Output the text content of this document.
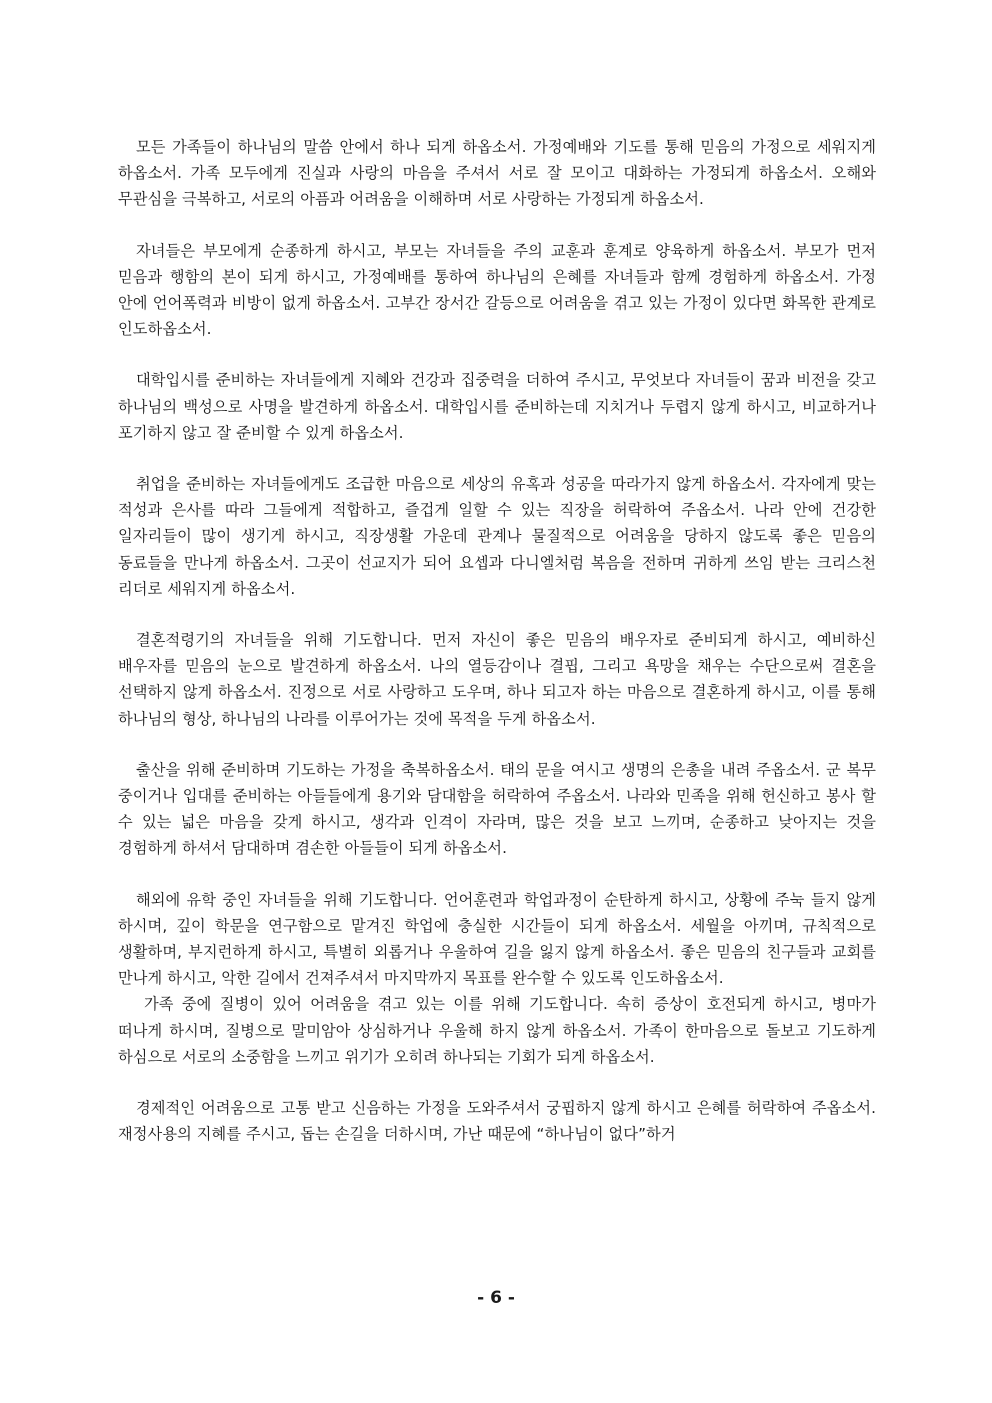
모든 가족들이 하나님의 말씀 안에서 하나 되게 하옵소서. 가정예배와 기도를 통해 믿음의 가정으로 세워지게 하옵소서. 가족 모두에게 진실과 사랑의 마음을 주셔서 서로 잘 모이고 대화하는 가정되게 하옵소서. 오해와 무관심을 극복하고, 서로의 아픔과 어려움을 이해하며 서로 사랑하는 가정되게 하옵소서.

자녀들은 부모에게 순종하게 하시고, 부모는 자녀들을 주의 교훈과 훈계로 양육하게 하옵소서. 부모가 먼저 믿음과 행함의 본이 되게 하시고, 가정예배를 통하여 하나님의 은혜를 자녀들과 함께 경험하게 하옵소서. 가정 안에 언어폭력과 비방이 없게 하옵소서. 고부간 장서간 갈등으로 어려움을 겪고 있는 가정이 있다면 화목한 관계로 인도하옵소서.

대학입시를 준비하는 자녀들에게 지혜와 건강과 집중력을 더하여 주시고, 무엇보다 자녀들이 꿈과 비전을 갖고 하나님의 백성으로 사명을 발견하게 하옵소서. 대학입시를 준비하는데 지치거나 두렵지 않게 하시고, 비교하거나 포기하지 않고 잘 준비할 수 있게 하옵소서.

취업을 준비하는 자녀들에게도 조급한 마음으로 세상의 유혹과 성공을 따라가지 않게 하옵소서. 각자에게 맞는 적성과 은사를 따라 그들에게 적합하고, 즐겁게 일할 수 있는 직장을 허락하여 주옵소서. 나라 안에 건강한 일자리들이 많이 생기게 하시고, 직장생활 가운데 관계나 물질적으로 어려움을 당하지 않도록 좋은 믿음의 동료들을 만나게 하옵소서. 그곳이 선교지가 되어 요셉과 다니엘처럼 복음을 전하며 귀하게 쓰임 받는 크리스천 리더로 세워지게 하옵소서.

결혼적령기의 자녀들을 위해 기도합니다. 먼저 자신이 좋은 믿음의 배우자로 준비되게 하시고, 예비하신 배우자를 믿음의 눈으로 발견하게 하옵소서. 나의 열등감이나 결핍, 그리고 욕망을 채우는 수단으로써 결혼을 선택하지 않게 하옵소서. 진정으로 서로 사랑하고 도우며, 하나 되고자 하는 마음으로 결혼하게 하시고, 이를 통해 하나님의 형상, 하나님의 나라를 이루어가는 것에 목적을 두게 하옵소서.

출산을 위해 준비하며 기도하는 가정을 축복하옵소서. 태의 문을 여시고 생명의 은총을 내려 주옵소서. 군 복무 중이거나 입대를 준비하는 아들들에게 용기와 담대함을 허락하여 주옵소서. 나라와 민족을 위해 헌신하고 봉사 할 수 있는 넓은 마음을 갖게 하시고, 생각과 인격이 자라며, 많은 것을 보고 느끼며, 순종하고 낮아지는 것을 경험하게 하셔서 담대하며 겸손한 아들들이 되게 하옵소서.

해외에 유학 중인 자녀들을 위해 기도합니다. 언어훈련과 학업과정이 순탄하게 하시고, 상황에 주눅 들지 않게 하시며, 깊이 학문을 연구함으로 맡겨진 학업에 충실한 시간들이 되게 하옵소서. 세월을 아끼며, 규칙적으로 생활하며, 부지런하게 하시고, 특별히 외롭거나 우울하여 길을 잃지 않게 하옵소서. 좋은 믿음의 친구들과 교회를 만나게 하시고, 악한 길에서 건져주셔서 마지막까지 목표를 완수할 수 있도록 인도하옵소서.

가족 중에 질병이 있어 어려움을 겪고 있는 이를 위해 기도합니다. 속히 증상이 호전되게 하시고, 병마가 떠나게 하시며, 질병으로 말미암아 상심하거나 우울해 하지 않게 하옵소서. 가족이 한마음으로 돌보고 기도하게 하심으로 서로의 소중함을 느끼고 위기가 오히려 하나되는 기회가 되게 하옵소서.

경제적인 어려움으로 고통 받고 신음하는 가정을 도와주셔서 궁핍하지 않게 하시고 은혜를 허락하여 주옵소서. 재정사용의 지혜를 주시고, 돕는 손길을 더하시며, 가난 때문에 “하나님이 없다”하거

- 6 -
